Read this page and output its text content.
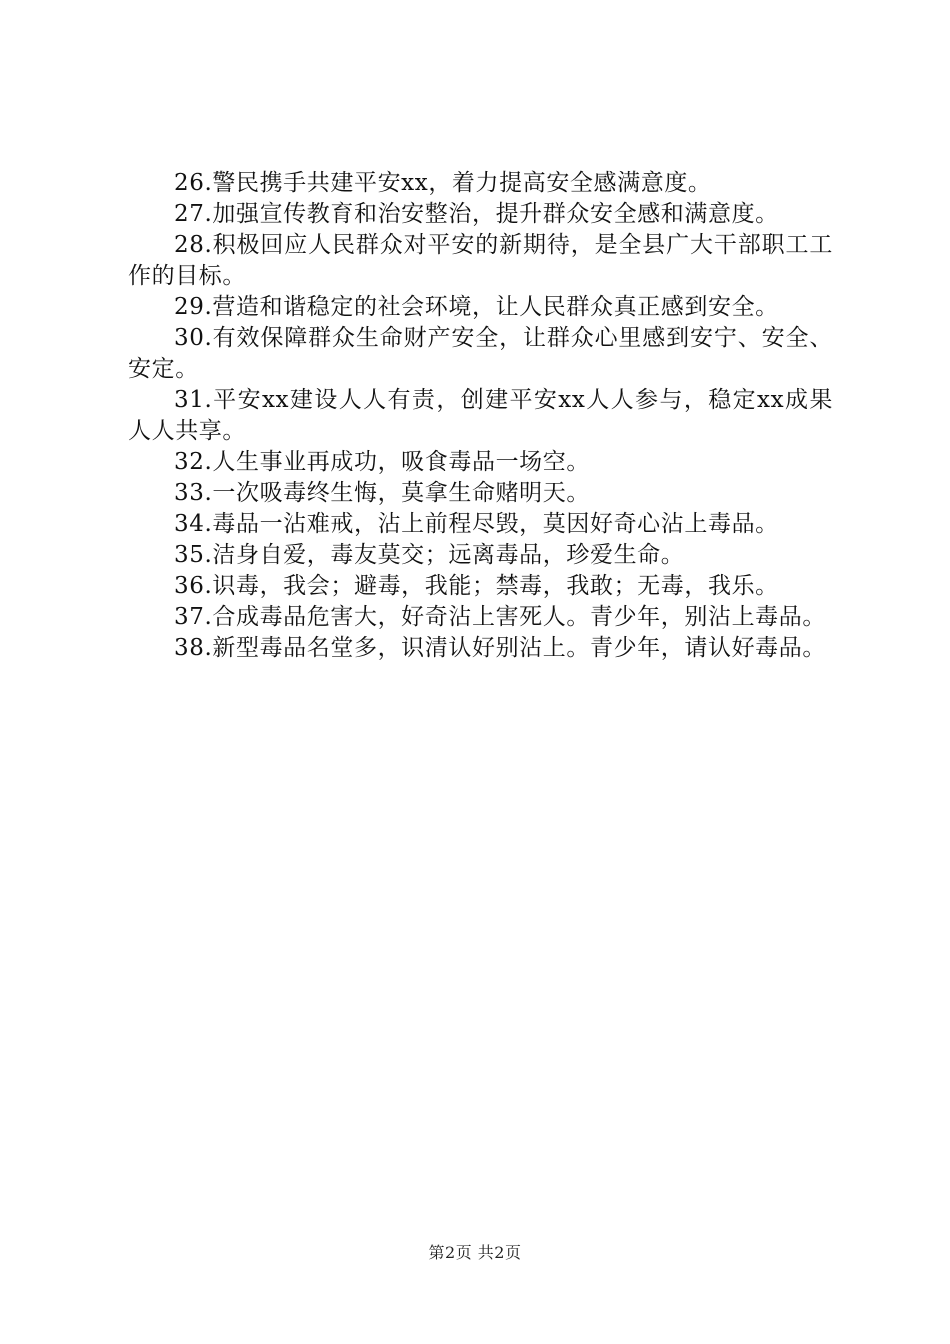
26.警民携手共建平安xx，着力提高安全感满意度。

27.加强宣传教育和治安整治，提升群众安全感和满意度。

28.积极回应人民群众对平安的新期待，是全县广大干部职工工作的目标。

29.营造和谐稳定的社会环境，让人民群众真正感到安全。

30.有效保障群众生命财产安全，让群众心里感到安宁、安全、安定。

31.平安xx建设人人有责，创建平安xx人人参与，稳定xx成果人人共享。

32.人生事业再成功，吸食毒品一场空。

33.一次吸毒终生悔，莫拿生命赌明天。

34.毒品一沾难戒，沾上前程尽毁，莫因好奇心沾上毒品。

35.洁身自爱，毒友莫交；远离毒品，珍爱生命。

36.识毒，我会；避毒，我能；禁毒，我敢；无毒，我乐。

37.合成毒品危害大，好奇沾上害死人。青少年，别沾上毒品。

38.新型毒品名堂多，识清认好别沾上。青少年，请认好毒品。

第2页 共2页
